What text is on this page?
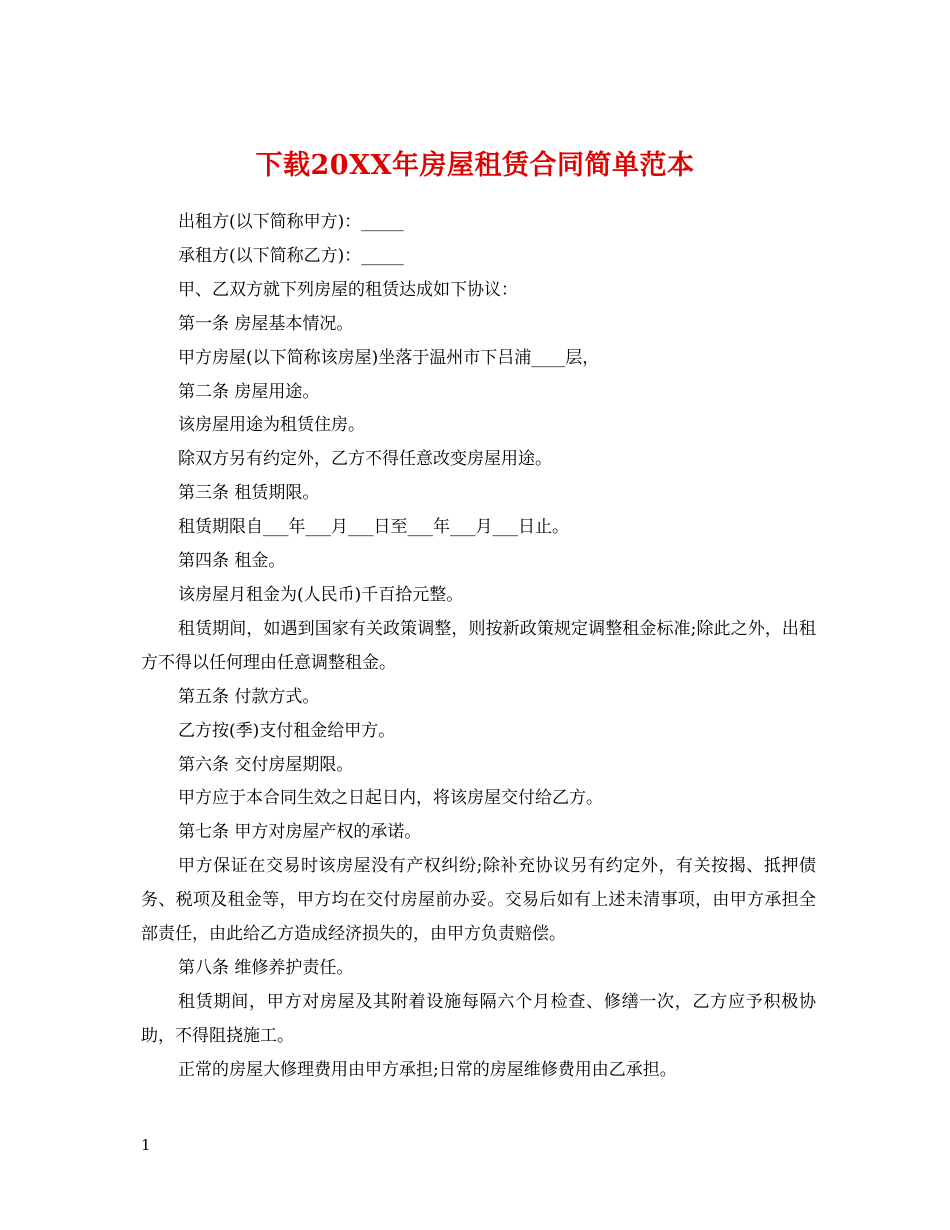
下载20XX年房屋租赁合同简单范本

出租方(以下简称甲方)：_____

承租方(以下简称乙方)：_____

甲、乙双方就下列房屋的租赁达成如下协议：

第一条 房屋基本情况。

甲方房屋(以下简称该房屋)坐落于温州市下吕浦____层，

第二条 房屋用途。

该房屋用途为租赁住房。

除双方另有约定外，乙方不得任意改变房屋用途。

第三条 租赁期限。

租赁期限自___年___月___日至___年___月___日止。

第四条 租金。

该房屋月租金为(人民币)千百拾元整。

租赁期间，如遇到国家有关政策调整，则按新政策规定调整租金标准;除此之外，出租方不得以任何理由任意调整租金。

第五条 付款方式。

乙方按(季)支付租金给甲方。

第六条 交付房屋期限。

甲方应于本合同生效之日起日内，将该房屋交付给乙方。

第七条 甲方对房屋产权的承诺。

甲方保证在交易时该房屋没有产权纠纷;除补充协议另有约定外，有关按揭、抵押债务、税项及租金等，甲方均在交付房屋前办妥。交易后如有上述未清事项，由甲方承担全部责任，由此给乙方造成经济损失的，由甲方负责赔偿。

第八条 维修养护责任。

租赁期间，甲方对房屋及其附着设施每隔六个月检查、修缮一次，乙方应予积极协助，不得阻挠施工。

正常的房屋大修理费用由甲方承担;日常的房屋维修费用由乙承担。

1
